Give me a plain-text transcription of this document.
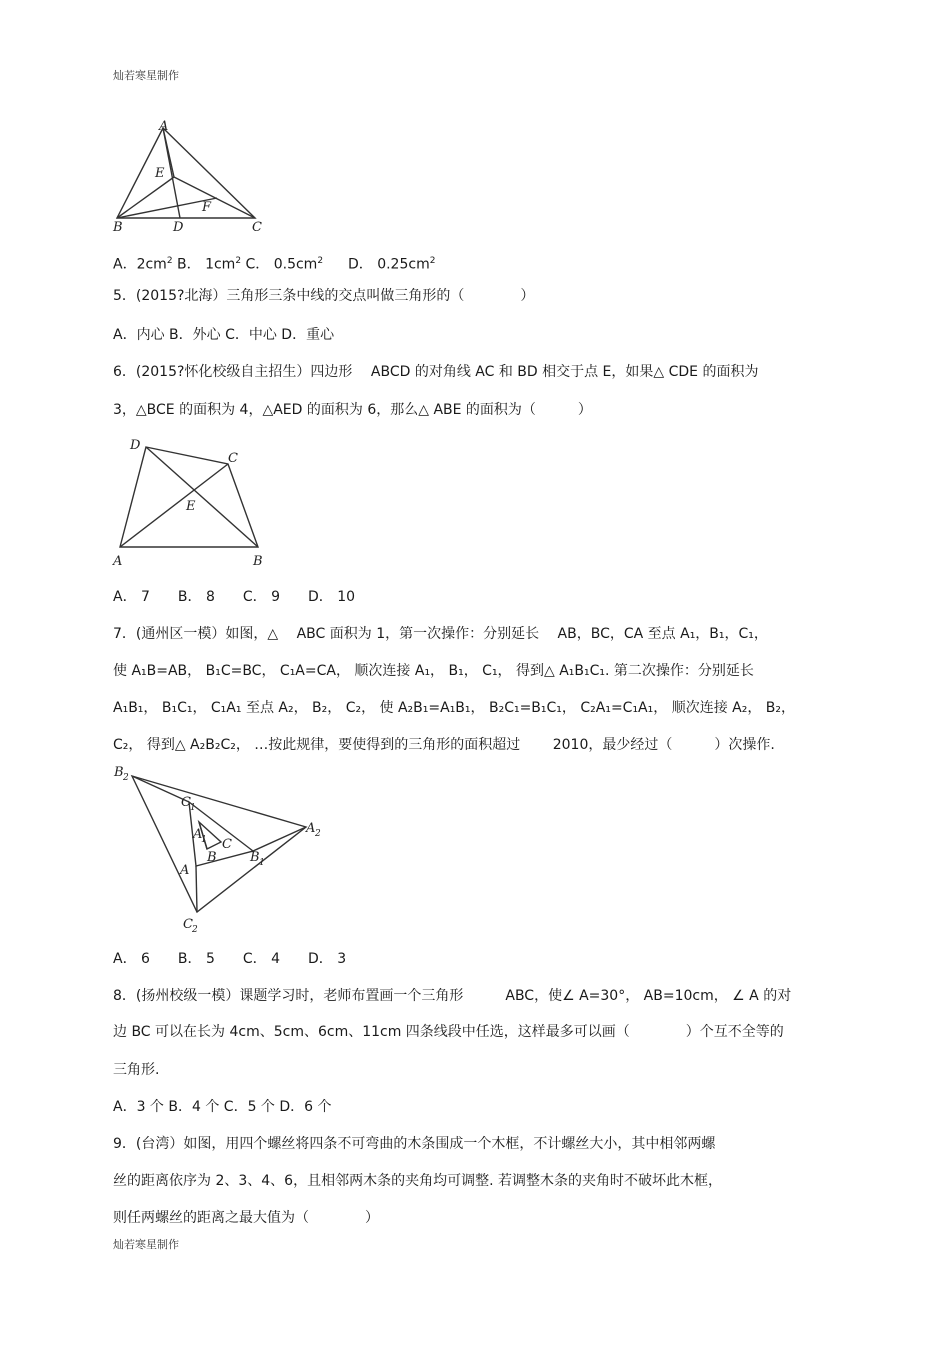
灿若寒星制作
A
B	C
D
E
F
A．$2cm^2$ B． $1cm^2$ C． $0.5cm^2$ D． $0.25cm^2$
5．(2015?北海）三角形三条中线的交点叫做三角形的（　　　　）
A．内心 B．外心 C．中心 D．重心
6．(2015?怀化校级自主招生）四边形　 ABCD 的对角线 AC 和 BD 相交于点 E，如果△ CDE 的面积为
3，△BCE 的面积为 4，△AED 的面积为 6，那么△ ABE 的面积为（　　　）
D
C
E
A	B
A． 7　　B． 8　　C． 9　　D． 10
7．(通州区一模）如图，△　 ABC 面积为 1，第一次操作：分别延长　 AB，BC，CA 至点 A₁，B₁，C₁，
使 A₁B=AB， B₁C=BC， C₁A=CA， 顺次连接 A₁， B₁， C₁， 得到△ A₁B₁C₁. 第二次操作：分别延长
A₁B₁， B₁C₁， C₁A₁ 至点 A₂， B₂， C₂， 使 A₂B₁=A₁B₁， B₂C₁=B₁C₁， C₂A₁=C₁A₁， 顺次连接 A₂， B₂，
C₂， 得到△ A₂B₂C₂， …按此规律，要使得到的三角形的面积超过　　 2010，最少经过（　　　）次操作.
B 2
C 1
A
1 C
A 2
B	B 1
A
C 2
A． 6　　B． 5　　C． 4　　D． 3
8．(扬州校级一模）课题学习时，老师布置画一个三角形　　　ABC，使∠ A=30°， AB=10cm， ∠ A 的对
边 BC 可以在长为 4cm、5cm、6cm、11cm 四条线段中任选，这样最多可以画（　　　　）个互不全等的
三角形.
A．3 个 B．4 个 C．5 个 D．6 个
9．(台湾）如图，用四个螺丝将四条不可弯曲的木条围成一个木框，不计螺丝大小，其中相邻两螺
丝的距离依序为 2、3、4、6，且相邻两木条的夹角均可调整. 若调整木条的夹角时不破坏此木框，
则任两螺丝的距离之最大值为（　　　　）
灿若寒星制作
